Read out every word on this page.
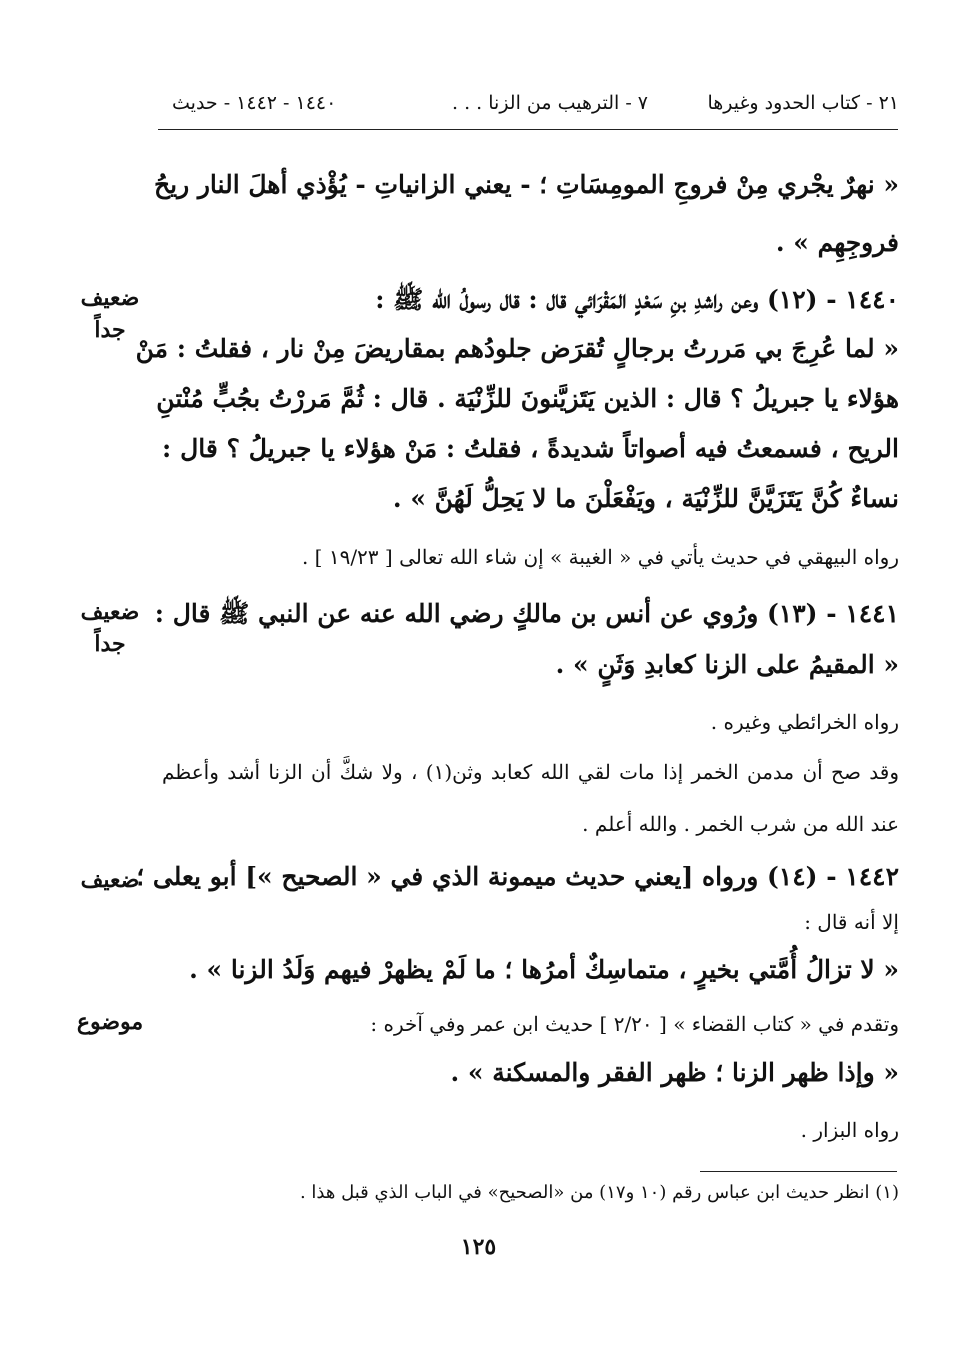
٢١ - كتاب الحدود وغيرها
٧ - الترهيب من الزنا . . .
١٤٤٠ - ١٤٤٢ - حديث
« نهرٌ يجْري مِنْ فروجِ المومِسَاتِ ؛ - يعني الزانياتِ - يُؤْذي أهلَ النار ريحُ
فروجِهِم » .
ضعيف
جداً
١٤٤٠ - (١٢) وعن راشدِ بنِ سَعْدٍ المَقْرَائي قال : قال رسولُ الله ﷺ :
« لما عُرِجَ بي مَررتُ برجالٍ تُقرَض جلودُهم بمقاريضَ مِنْ نار ، فقلتُ : مَنْ
هؤلاء يا جبريلُ ؟ قال : الذين يَتَزيَّنونَ للزِّنْيَة . قال : ثُمَّ مَررْتُ بجُبٍّ مُنْتنِ
الريح ، فسمعتُ فيه أصواتاً شديدةً ، فقلتُ : مَنْ هؤلاء يا جبريلُ ؟ قال :
نساءٌ كُنَّ يَتَزَيَّنَّ للزِّنْيَة ، ويَفْعَلْنَ ما لا يَحِلُّ لَهُنَّ » .
رواه البيهقي في حديث يأتي في « الغيبة » إن شاء الله تعالى [ ١٩/٢٣ ] .
ضعيف
جداً
١٤٤١ - (١٣) ورُوي عن أنس بن مالكٍ رضي الله عنه عن النبي ﷺ قال :
« المقيمُ على الزنا كعابدِ وَثَنٍ » .
رواه الخرائطي وغيره .
وقد صح أن مدمن الخمر إذا مات لقي الله كعابد وثن(١) ، ولا شكَّ أن الزنا أشد وأعظم
عند الله من شرب الخمر . والله أعلم .
ضعيف
١٤٤٢ - (١٤) ورواه [يعني حديث ميمونة الذي في « الصحيح »] أبو يعلى ؛
إلا أنه قال :
« لا تزالُ أُمَّتي بخيرٍ ، متماسِكٌ أمرُها ؛ ما لَمْ يظهرْ فيهم وَلَدُ الزنا » .
موضوع	وتقدم في « كتاب القضاء » [ ٢/٢٠ ] حديث ابن عمر وفي آخره :
« وإذا ظهر الزنا ؛ ظهر الفقر والمسكنة » .
رواه البزار .
(١) انظر حديث ابن عباس رقم (١٠ و١٧) من «الصحيح» في الباب الذي قبل هذا .
١٢٥
